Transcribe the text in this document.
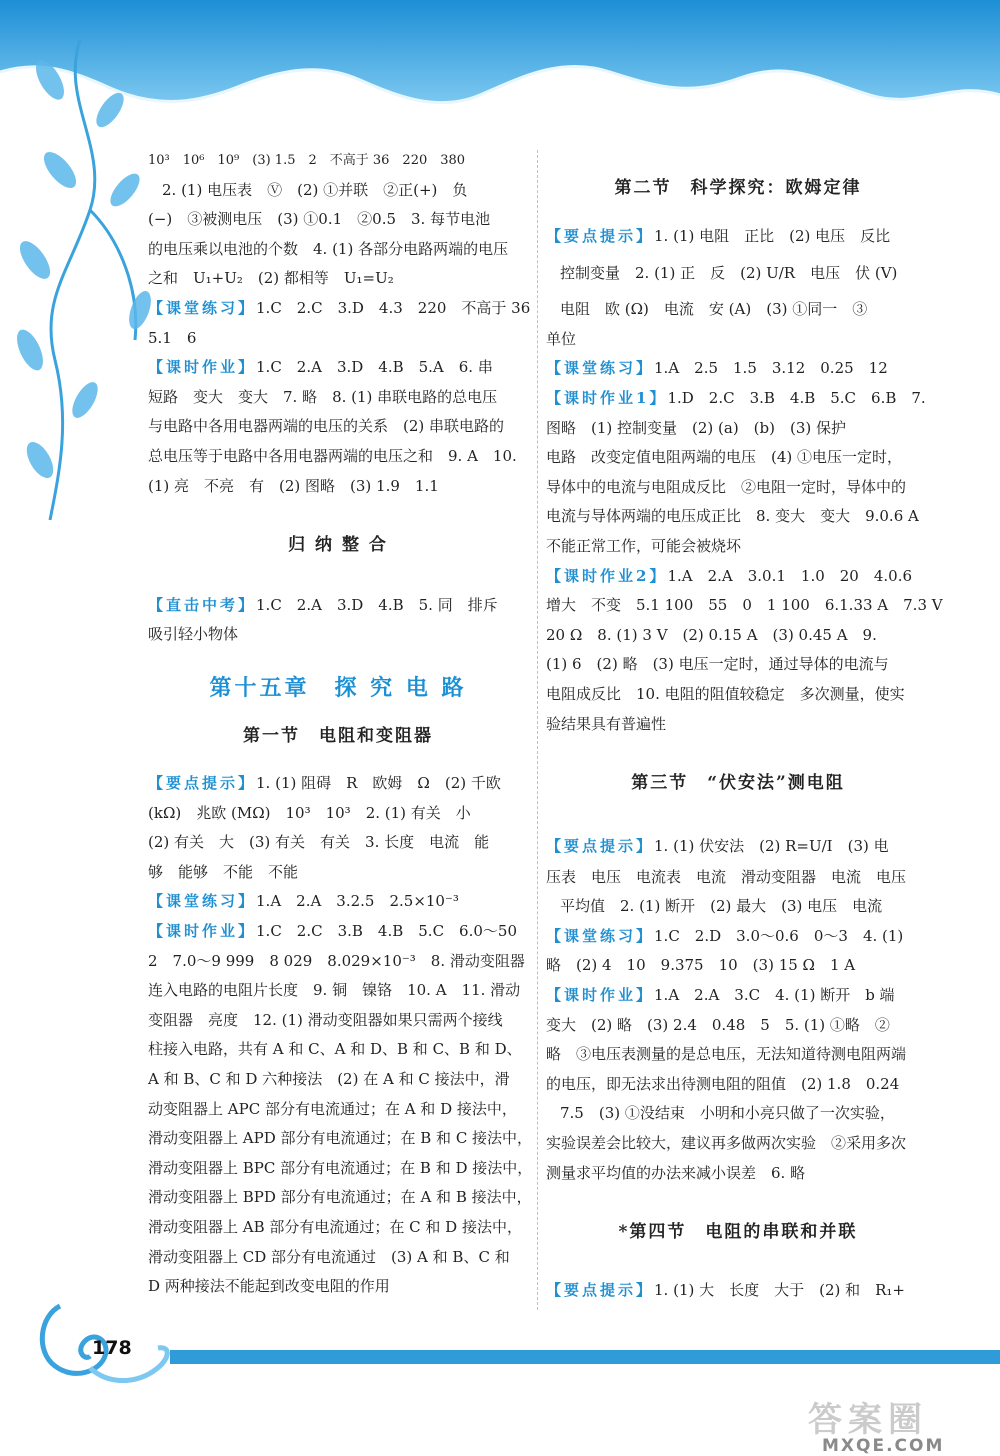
10³　10⁶　10⁹　(3) 1.5　2　不高于 36　220　380

2. (1) 电压表　Ⓥ　(2) ①并联　②正(+)　负

(−)　③被测电压　(3) ①0.1　②0.5　3. 每节电池

的电压乘以电池的个数　4. (1) 各部分电路两端的电压

之和　U₁+U₂　(2) 都相等　U₁=U₂

【课堂练习】1.C　2.C　3.D　4.3　220　不高于 36

5.1　6

【课时作业】1.C　2.A　3.D　4.B　5.A　6. 串

短路　变大　变大　7. 略　8. (1) 串联电路的总电压

与电路中各用电器两端的电压的关系　(2) 串联电路的

总电压等于电路中各用电器两端的电压之和　9. A　10.

(1) 亮　不亮　有　(2) 图略　(3) 1.9　1.1

归 纳 整 合

【直击中考】1.C　2.A　3.D　4.B　5. 同　排斥

吸引轻小物体

第十五章　探 究 电 路

第一节　电阻和变阻器

【要点提示】1. (1) 阻碍　R　欧姆　Ω　(2) 千欧

(kΩ)　兆欧 (MΩ)　10³　10³　2. (1) 有关　小

(2) 有关　大　(3) 有关　有关　3. 长度　电流　能

够　能够　不能　不能

【课堂练习】1.A　2.A　3.2.5　2.5×10⁻³

【课时作业】1.C　2.C　3.B　4.B　5.C　6.0～50

2　7.0～9 999　8 029　8.029×10⁻³　8. 滑动变阻器

连入电路的电阻片长度　9. 铜　镍铬　10. A　11. 滑动

变阻器　亮度　12. (1) 滑动变阻器如果只需两个接线

柱接入电路，共有 A 和 C、A 和 D、B 和 C、B 和 D、

A 和 B、C 和 D 六种接法　(2) 在 A 和 C 接法中，滑

动变阻器上 APC 部分有电流通过；在 A 和 D 接法中，

滑动变阻器上 APD 部分有电流通过；在 B 和 C 接法中，

滑动变阻器上 BPC 部分有电流通过；在 B 和 D 接法中，

滑动变阻器上 BPD 部分有电流通过；在 A 和 B 接法中，

滑动变阻器上 AB 部分有电流通过；在 C 和 D 接法中，

滑动变阻器上 CD 部分有电流通过　(3) A 和 B、C 和

D 两种接法不能起到改变电阻的作用

第二节　科学探究：欧姆定律

【要点提示】1. (1) 电阻　正比　(2) 电压　反比

控制变量　2. (1) 正　反　(2) U/R　电压　伏 (V)

电阻　欧 (Ω)　电流　安 (A)　(3) ①同一　③

单位

【课堂练习】1.A　2.5　1.5　3.12　0.25　12

【课时作业1】1.D　2.C　3.B　4.B　5.C　6.B　7.

图略　(1) 控制变量　(2) (a)　(b)　(3) 保护

电路　改变定值电阻两端的电压　(4) ①电压一定时，

导体中的电流与电阻成反比　②电阻一定时，导体中的

电流与导体两端的电压成正比　8. 变大　变大　9.0.6 A

不能正常工作，可能会被烧坏

【课时作业2】1.A　2.A　3.0.1　1.0　20　4.0.6

增大　不变　5.1 100　55　0　1 100　6.1.33 A　7.3 V

20 Ω　8. (1) 3 V　(2) 0.15 A　(3) 0.45 A　9.

(1) 6　(2) 略　(3) 电压一定时，通过导体的电流与

电阻成反比　10. 电阻的阻值较稳定　多次测量，使实

验结果具有普遍性

第三节　“伏安法”测电阻

【要点提示】1. (1) 伏安法　(2) R=U/I　(3) 电

压表　电压　电流表　电流　滑动变阻器　电流　电压

平均值　2. (1) 断开　(2) 最大　(3) 电压　电流

【课堂练习】1.C　2.D　3.0～0.6　0～3　4. (1)

略　(2) 4　10　9.375　10　(3) 15 Ω　1 A

【课时作业】1.A　2.A　3.C　4. (1) 断开　b 端

变大　(2) 略　(3) 2.4　0.48　5　5. (1) ①略　②

略　③电压表测量的是总电压，无法知道待测电阻两端

的电压，即无法求出待测电阻的阻值　(2) 1.8　0.24

7.5　(3) ①没结束　小明和小亮只做了一次实验，

实验误差会比较大，建议再多做两次实验　②采用多次

测量求平均值的办法来减小误差　6. 略

*第四节　电阻的串联和并联

【要点提示】1. (1) 大　长度　大于　(2) 和　R₁+

178
答案圈
MXQE.COM
